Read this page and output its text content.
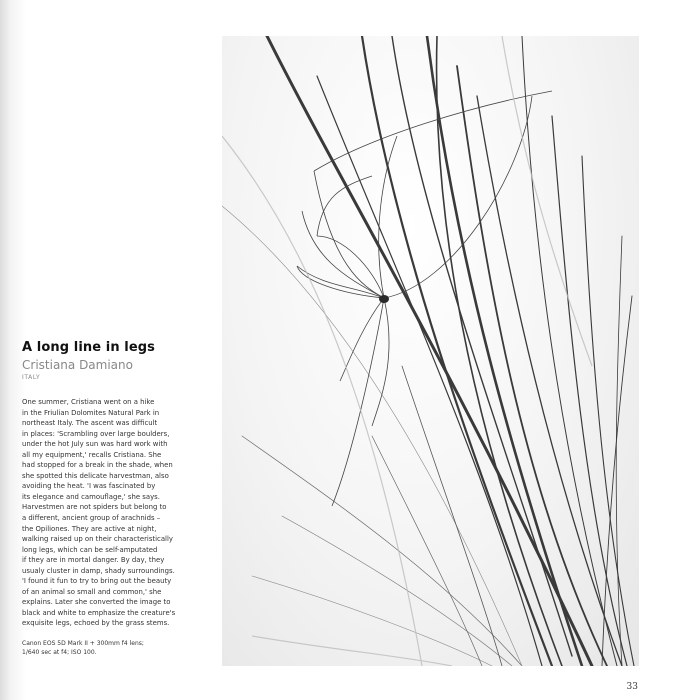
A long line in legs
Cristiana Damiano
ITALY

One summer, Cristiana went on a hike
in the Friulian Dolomites Natural Park in
northeast Italy. The ascent was difficult
in places: 'Scrambling over large boulders,
under the hot July sun was hard work with
all my equipment,' recalls Cristiana. She
had stopped for a break in the shade, when
she spotted this delicate harvestman, also
avoiding the heat. 'I was fascinated by
its elegance and camouflage,' she says.
Harvestmen are not spiders but belong to
a different, ancient group of arachnids –
the Opiliones. They are active at night,
walking raised up on their characteristically
long legs, which can be self-amputated
if they are in mortal danger. By day, they
usualy cluster in damp, shady surroundings.
'I found it fun to try to bring out the beauty
of an animal so small and common,' she
explains. Later she converted the image to
black and white to emphasize the creature's
exquisite legs, echoed by the grass stems.

Canon EOS 5D Mark II + 300mm f4 lens;
1/640 sec at f4; ISO 100.

33
